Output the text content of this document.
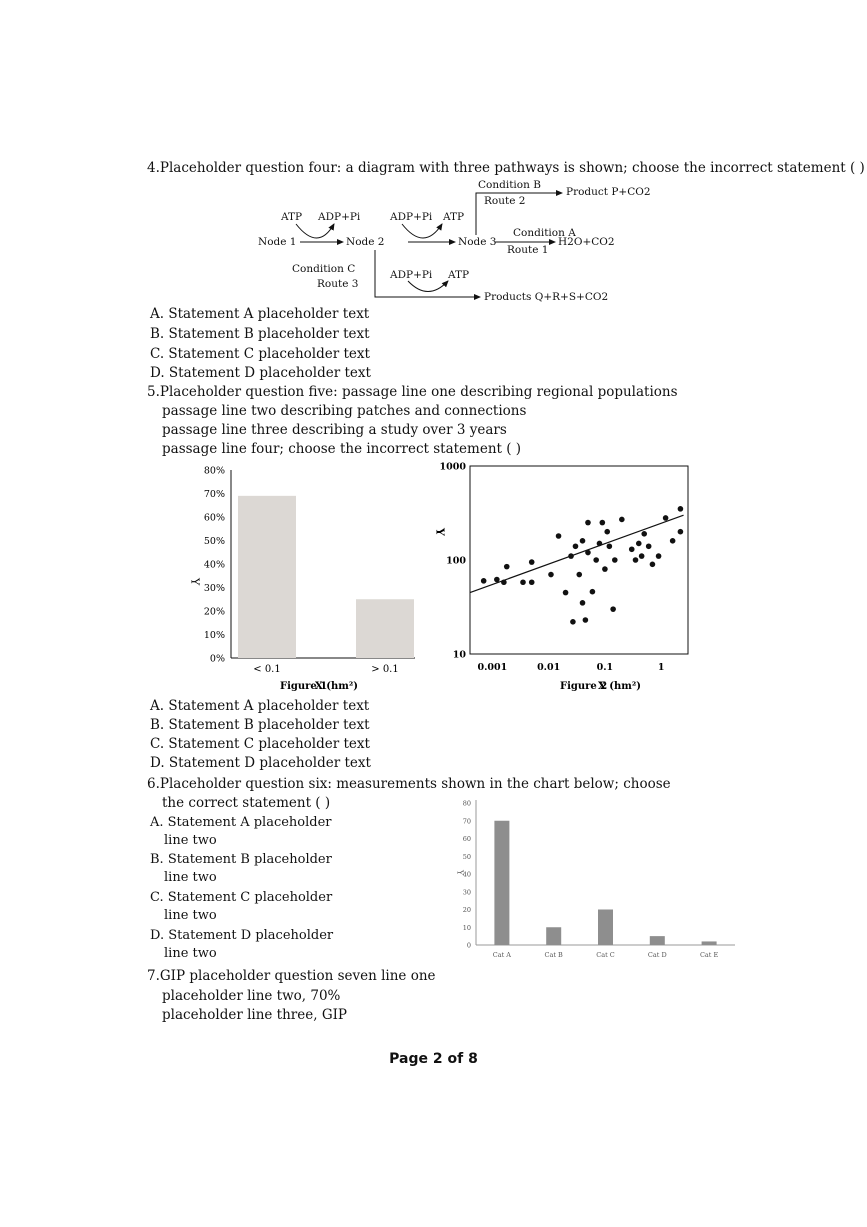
4.Placeholder question four: a diagram with three pathways is shown; choose the incorrect statement ( )
Node 1	Node 2	Node 3
ATP ADP+Pi	ADP+Pi ATP
ADP+Pi ATP
Condition B
Route 2
Product P+CO2
Condition A
Route 1
H2O+CO2
Condition C
Route 3
Products Q+R+S+CO2
A. Statement A placeholder text
B. Statement B placeholder text
C. Statement C placeholder text
D. Statement D placeholder text
5.Placeholder question five: passage line one describing regional populations
passage line two describing patches and connections
passage line three describing a study over 3 years
passage line four; choose the incorrect statement ( )
Y
0%
10%
20%
30%
40%
50%
60%
70%
80%
< 0.1	> 0.1
Figure 1
X (hm²)
Y
10
100
1000
0.001	0.01	0.1	1
Figure 2
X (hm²)
A. Statement A placeholder text
B. Statement B placeholder text
C. Statement C placeholder text
D. Statement D placeholder text
6.Placeholder question six: measurements shown in the chart below; choose
the correct statement ( )
A. Statement A placeholder
line two
B. Statement B placeholder
line two
C. Statement C placeholder
line two
D. Statement D placeholder
line two
Y
0
10
20
30
40
50
60
70
80
Cat A	Cat B	Cat C	Cat D	Cat E
7.GIP placeholder question seven line one
placeholder line two, 70%
placeholder line three, GIP
Page 2 of 8
